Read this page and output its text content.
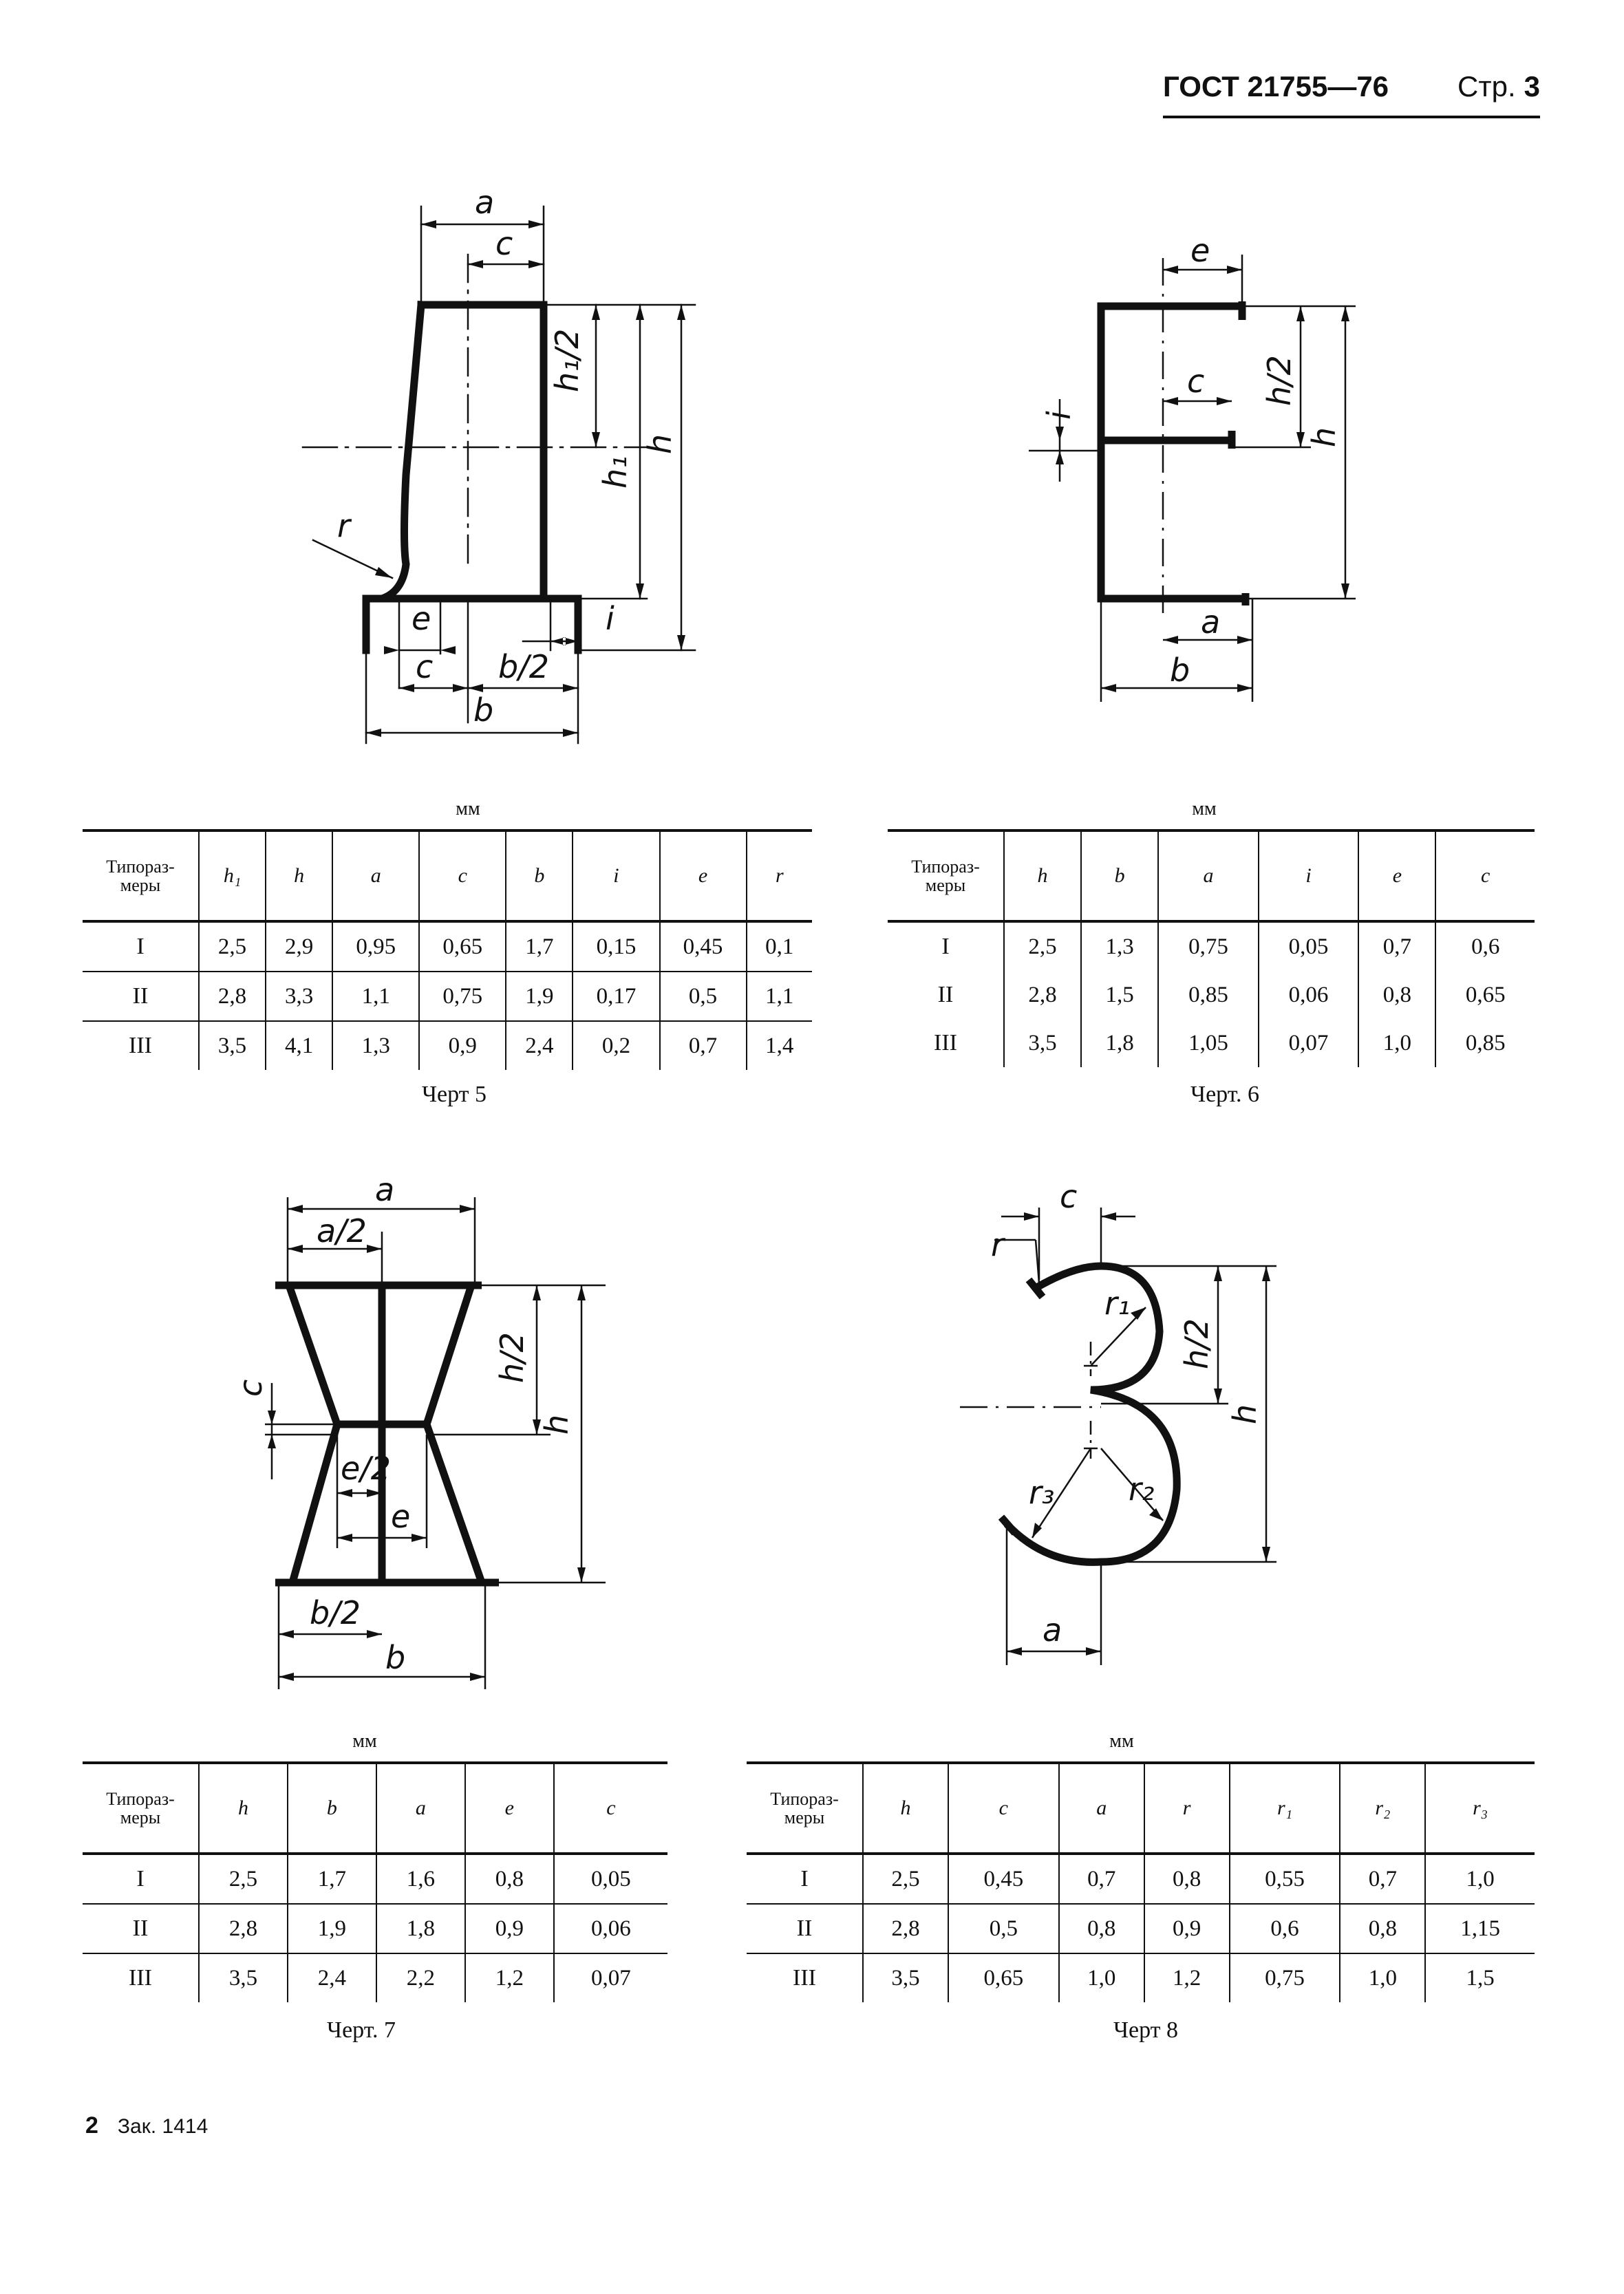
ГОСТ 21755—76 Стр. 3
a
c
h₁/2
h₁
h
r
e	i
c b/2
b
e
c
i
h/2
h
a
b
мм
Типораз-
меры	h₁	h	a	c	b	i	e	r
I	2,5	2,9	0,95	0,65	1,7	0,15	0,45	0,1
II	2,8	3,3	1,1	0,75	1,9	0,17	0,5	1,1
III	3,5	4,1	1,3	0,9	2,4	0,2	0,7	1,4
Черт 5
мм
Типораз-
меры	h	b	a	i	e	c
I	2,5	1,3	0,75	0,05	0,7	0,6
II	2,8	1,5	0,85	0,06	0,8	0,65
III	3,5	1,8	1,05	0,07	1,0	0,85
Черт. 6
a
a/2
c
h/2
h
e/2
e
b/2
b
c
r
r₁
h/2
h
r₂
r₃
a
мм
Типораз-
меры	h	b	a	e	c
I	2,5	1,7	1,6	0,8	0,05
II	2,8	1,9	1,8	0,9	0,06
III	3,5	2,4	2,2	1,2	0,07
Черт. 7
мм
Типораз-
меры	h	c	a	r	r₁	r₂	r₃
I	2,5	0,45	0,7	0,8	0,55	0,7	1,0
II	2,8	0,5	0,8	0,9	0,6	0,8	1,15
III	3,5	0,65	1,0	1,2	0,75	1,0	1,5
Черт 8
2 Зак. 1414
